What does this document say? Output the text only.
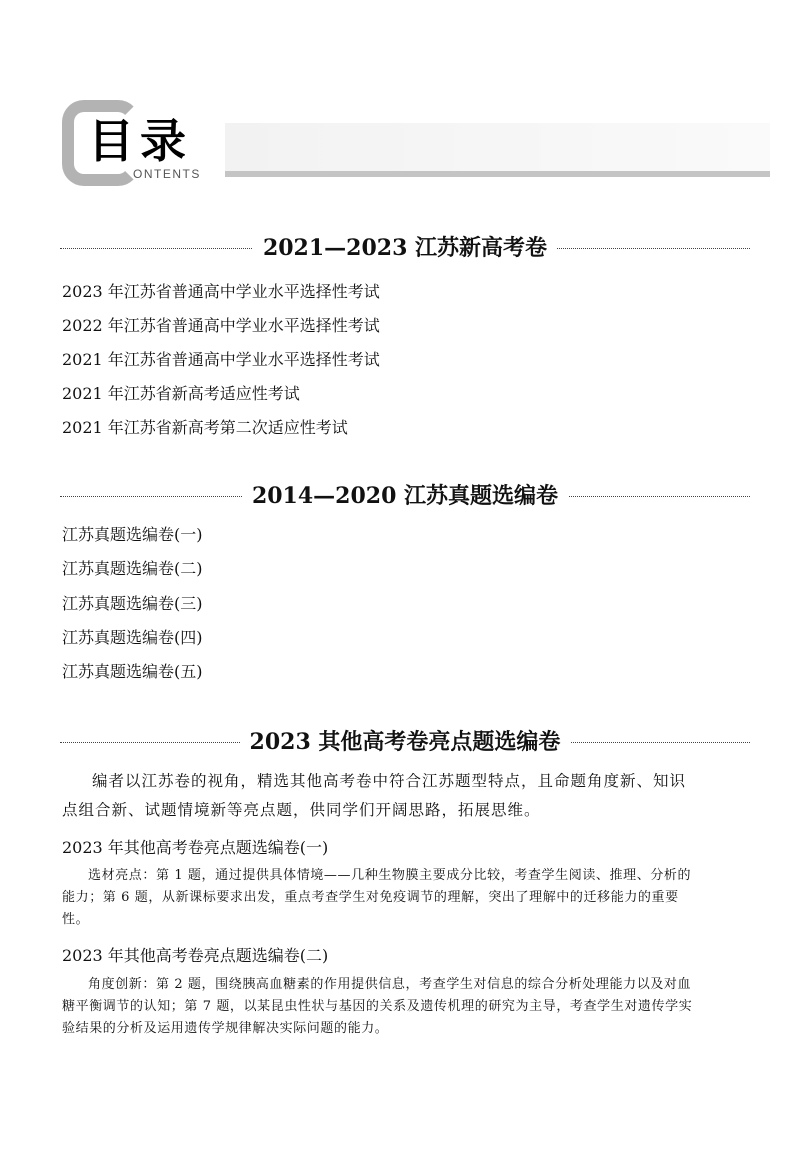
目录
ONTENTS
2021—2023 江苏新高考卷
2023 年江苏省普通高中学业水平选择性考试
2022 年江苏省普通高中学业水平选择性考试
2021 年江苏省普通高中学业水平选择性考试
2021 年江苏省新高考适应性考试
2021 年江苏省新高考第二次适应性考试
2014—2020 江苏真题选编卷
江苏真题选编卷(一)
江苏真题选编卷(二)
江苏真题选编卷(三)
江苏真题选编卷(四)
江苏真题选编卷(五)
2023 其他高考卷亮点题选编卷
编者以江苏卷的视角，精选其他高考卷中符合江苏题型特点，且命题角度新、知识点组合新、试题情境新等亮点题，供同学们开阔思路，拓展思维。
2023 年其他高考卷亮点题选编卷(一)
选材亮点：第 1 题，通过提供具体情境——几种生物膜主要成分比较，考查学生阅读、推理、分析的能力；第 6 题，从新课标要求出发，重点考查学生对免疫调节的理解，突出了理解中的迁移能力的重要性。
2023 年其他高考卷亮点题选编卷(二)
角度创新：第 2 题，围绕胰高血糖素的作用提供信息，考查学生对信息的综合分析处理能力以及对血糖平衡调节的认知；第 7 题，以某昆虫性状与基因的关系及遗传机理的研究为主导，考查学生对遗传学实验结果的分析及运用遗传学规律解决实际问题的能力。
